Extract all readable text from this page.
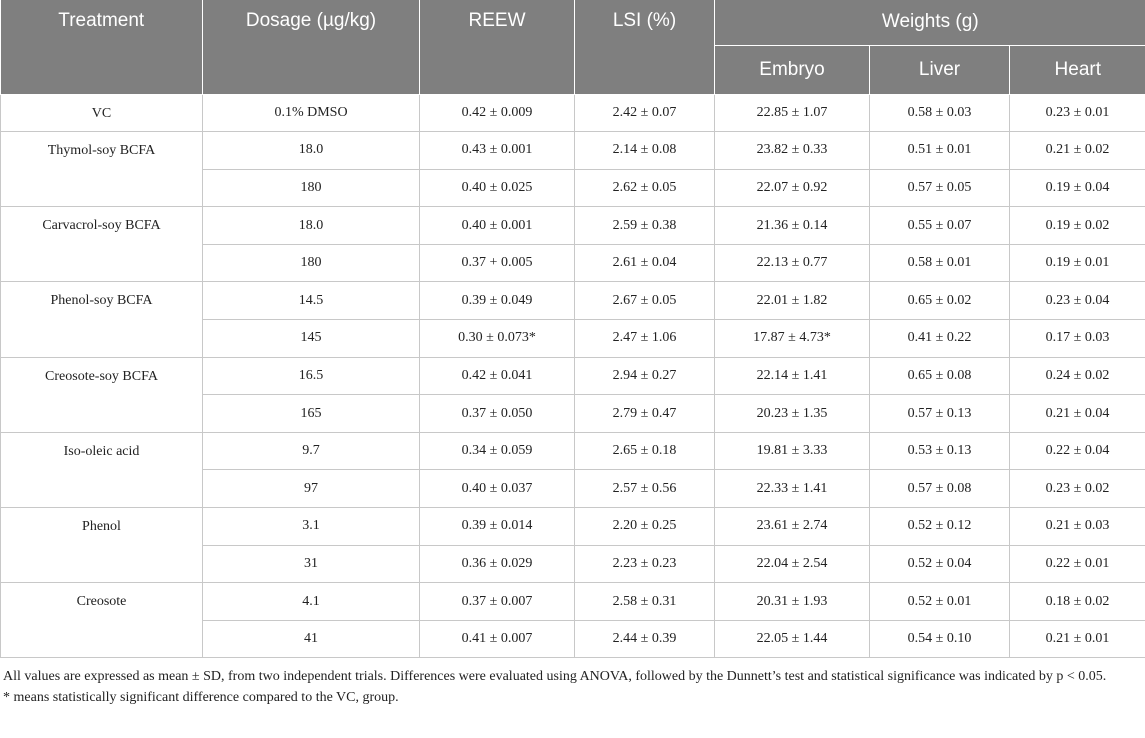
Treatment	Dosage (µg/kg)	REEW	LSI (%)	Weights (g)		
				Embryo	Liver	Heart
VC	0.1% DMSO	0.42 ± 0.009	2.42 ± 0.07	22.85 ± 1.07	0.58 ± 0.03	0.23 ± 0.01
Thymol-soy BCFA	18.0	0.43 ± 0.001	2.14 ± 0.08	23.82 ± 0.33	0.51 ± 0.01	0.21 ± 0.02
	180	0.40 ± 0.025	2.62 ± 0.05	22.07 ± 0.92	0.57 ± 0.05	0.19 ± 0.04
Carvacrol-soy BCFA	18.0	0.40 ± 0.001	2.59 ± 0.38	21.36 ± 0.14	0.55 ± 0.07	0.19 ± 0.02
	180	0.37 + 0.005	2.61 ± 0.04	22.13 ± 0.77	0.58 ± 0.01	0.19 ± 0.01
Phenol-soy BCFA	14.5	0.39 ± 0.049	2.67 ± 0.05	22.01 ± 1.82	0.65 ± 0.02	0.23 ± 0.04
	145	0.30 ± 0.073*	2.47 ± 1.06	17.87 ± 4.73*	0.41 ± 0.22	0.17 ± 0.03
Creosote-soy BCFA	16.5	0.42 ± 0.041	2.94 ± 0.27	22.14 ± 1.41	0.65 ± 0.08	0.24 ± 0.02
	165	0.37 ± 0.050	2.79 ± 0.47	20.23 ± 1.35	0.57 ± 0.13	0.21 ± 0.04
Iso-oleic acid	9.7	0.34 ± 0.059	2.65 ± 0.18	19.81 ± 3.33	0.53 ± 0.13	0.22 ± 0.04
	97	0.40 ± 0.037	2.57 ± 0.56	22.33 ± 1.41	0.57 ± 0.08	0.23 ± 0.02
Phenol	3.1	0.39 ± 0.014	2.20 ± 0.25	23.61 ± 2.74	0.52 ± 0.12	0.21 ± 0.03
	31	0.36 ± 0.029	2.23 ± 0.23	22.04 ± 2.54	0.52 ± 0.04	0.22 ± 0.01
Creosote	4.1	0.37 ± 0.007	2.58 ± 0.31	20.31 ± 1.93	0.52 ± 0.01	0.18 ± 0.02
	41	0.41 ± 0.007	2.44 ± 0.39	22.05 ± 1.44	0.54 ± 0.10	0.21 ± 0.01

All values are expressed as mean ± SD, from two independent trials. Differences were evaluated using ANOVA, followed by the Dunnett’s test and statistical significance was indicated by p < 0.05.

* means statistically significant difference compared to the VC, group.
